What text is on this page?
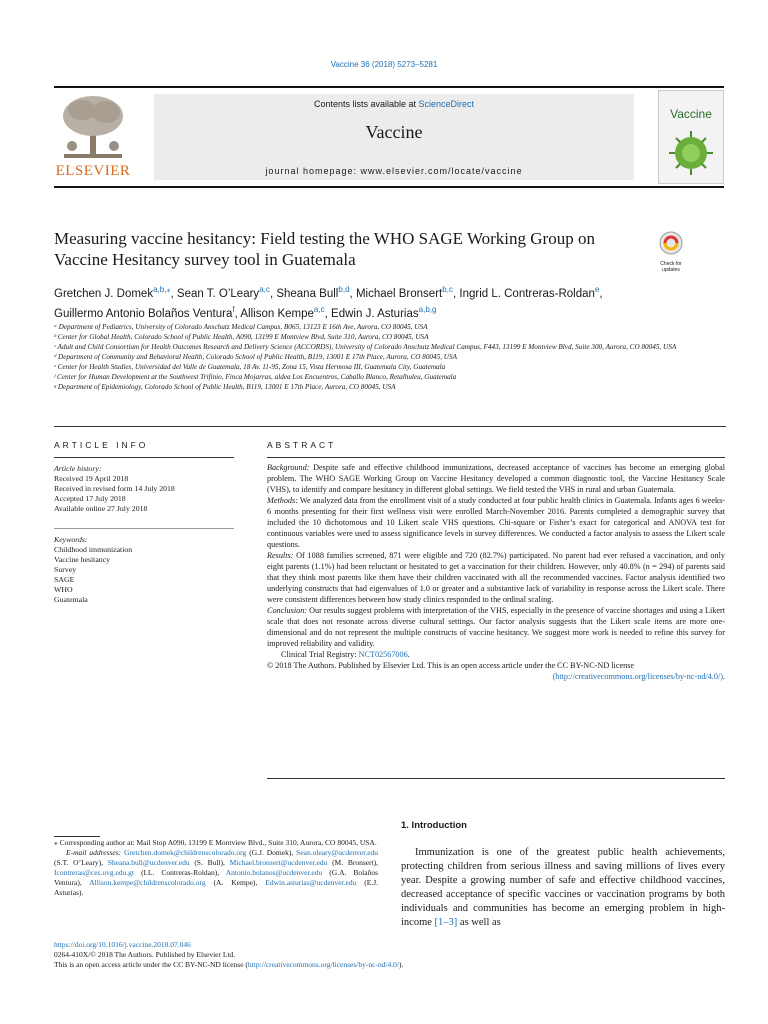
Vaccine 36 (2018) 5273–5281
ELSEVIER
Contents lists available at ScienceDirect
Vaccine
journal homepage: www.elsevier.com/locate/vaccine
Vaccine
Measuring vaccine hesitancy: Field testing the WHO SAGE Working Group on Vaccine Hesitancy survey tool in Guatemala	Check for updates
Gretchen J. Domek$^{a,b,⁎}$, Sean T. O’Leary$^{a,c}$, Sheana Bull$^{b,d}$, Michael Bronsert$^{b,c}$, Ingrid L. Contreras-Roldan$^e$,
Guillermo Antonio Bolaños Ventura$^f$, Allison Kempe$^{a,c}$, Edwin J. Asturias$^{a,b,g}$
ᵃ Department of Pediatrics, University of Colorado Anschutz Medical Campus, B065, 13123 E 16th Ave, Aurora, CO 80045, USA
ᵇ Center for Global Health, Colorado School of Public Health, A090, 13199 E Montview Blvd, Suite 310, Aurora, CO 80045, USA
ᶜ Adult and Child Consortium for Health Outcomes Research and Delivery Science (ACCORDS), University of Colorado Anschutz Medical Campus, F443, 13199 E Montview Blvd, Suite 300, Aurora, CO 80045, USA
ᵈ Department of Community and Behavioral Health, Colorado School of Public Health, B119, 13001 E 17th Place, Aurora, CO 80045, USA
ᵉ Center for Health Studies, Universidad del Valle de Guatemala, 18 Av. 11-95, Zona 15, Vista Hermosa III, Guatemala City, Guatemala
ᶠ Center for Human Development at the Southwest Trifinio, Finca Mojarras, aldea Los Encuentros, Caballo Blanco, Retalhuleu, Guatemala
ᵍ Department of Epidemiology, Colorado School of Public Health, B119, 13001 E 17th Place, Aurora, CO 80045, USA
ARTICLE INFO	ABSTRACT
Article history:
Received 19 April 2018
Received in revised form 14 July 2018
Accepted 17 July 2018
Available online 27 July 2018
Keywords:
Childhood immunization
Vaccine hesitancy
Survey
SAGE
WHO
Guatemala
Background: Despite safe and effective childhood immunizations, decreased acceptance of vaccines has become an emerging global problem. The WHO SAGE Working Group on Vaccine Hesitancy developed a common diagnostic tool, the Vaccine Hesitancy Scale (VHS), to identify and compare hesitancy in different global settings. We field tested the VHS in rural and urban Guatemala.
Methods: We analyzed data from the enrollment visit of a study conducted at four public health clinics in Guatemala. Infants ages 6 weeks-6 months presenting for their first wellness visit were enrolled March-November 2016. Parents completed a demographic survey that included the 10 dichotomous and 10 Likert scale VHS questions. Chi-square or Fisher’s exact for categorical and ANOVA test for continuous variables were used to assess significance levels in survey differences. We conducted a factor analysis to assess the Likert scale questions.
Results: Of 1088 families screened, 871 were eligible and 720 (82.7%) participated. No parent had ever refused a vaccination, and only eight parents (1.1%) had been reluctant or hesitated to get a vaccination for their children. However, only 40.8% (n = 294) of parents said that they think most parents like them have their children vaccinated with all the recommended vaccines. Factor analysis identified two underlying constructs that had eigenvalues of 1.0 or greater and a substantive lack of variability in response across the Likert scale. There were consistent differences between how study clinics responded to the ordinal scaling.
Conclusion: Our results suggest problems with interpretation of the VHS, especially in the presence of vaccine shortages and using a Likert scale that does not resonate across diverse cultural settings. Our factor analysis suggests that the Likert scale items are more one-dimensional and do not represent the multiple constructs of vaccine hesitancy. We suggest more work is needed to refine this survey for improved reliability and validity.
Clinical Trial Registry: NCT02567006.
© 2018 The Authors. Published by Elsevier Ltd. This is an open access article under the CC BY-NC-ND license
(http://creativecommons.org/licenses/by-nc-nd/4.0/).
⁎ Corresponding author at: Mail Stop A090, 13199 E Montview Blvd., Suite 310, Aurora, CO 80045, USA.
E-mail addresses: Gretchen.domek@childrenscolorado.org (G.J. Domek), Sean.oleary@ucdenver.edu (S.T. O’Leary), Sheana.bull@ucdenver.edu (S. Bull), Michael.bronsert@ucdenver.edu (M. Bronsert), Icontreras@ces.uvg.edu.gt (I.L. Contreras-Roldan), Antonio.bolanos@ucdenver.edu (G.A. Bolaños Ventura), Allison.kempe@childrenscolorado.org (A. Kempe), Edwin.asturias@ucdenver.edu (E.J. Asturias).
1. Introduction
Immunization is one of the greatest public health achievements, protecting children from serious illness and saving millions of lives every year. Despite a growing number of safe and effective childhood vaccines, decreased acceptance of specific vaccines or vaccination programs by both individuals and communities has become an emerging problem in high-income [1–3] as well as
https://doi.org/10.1016/j.vaccine.2018.07.046
0264-410X/© 2018 The Authors. Published by Elsevier Ltd.
This is an open access article under the CC BY-NC-ND license (http://creativecommons.org/licenses/by-nc-nd/4.0/).
